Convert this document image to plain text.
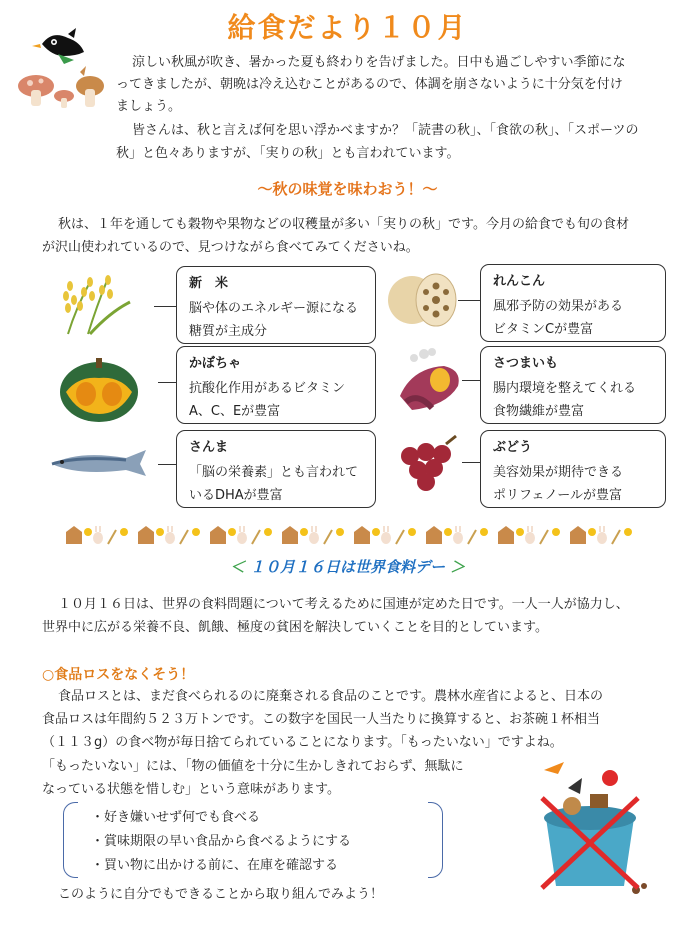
給食だより１０月
涼しい秋風が吹き、暑かった夏も終わりを告げました。日中も過ごしやすい季節にな
ってきましたが、朝晩は冷え込むことがあるので、体調を崩さないように十分気を付け
ましょう。
皆さんは、秋と言えば何を思い浮かべますか？「読書の秋」、「食欲の秋」、「スポーツの
秋」と色々ありますが、「実りの秋」とも言われています。
～秋の味覚を味わおう！～
秋は、１年を通しても穀物や果物などの収穫量が多い「実りの秋」です。今月の給食でも旬の食材
が沢山使われているので、見つけながら食べてみてくださいね。
新　米
脳や体のエネルギー源になる
糖質が主成分
かぼちゃ
抗酸化作用があるビタミン
A、C、Eが豊富
さんま
「脳の栄養素」とも言われて
いるDHAが豊富
れんこん
風邪予防の効果がある
ビタミンCが豊富
さつまいも
腸内環境を整えてくれる
食物繊維が豊富
ぶどう
美容効果が期待できる
ポリフェノールが豊富
＜ １０月１６日は世界食料デー ＞
１０月１６日は、世界の食料問題について考えるために国連が定めた日です。一人一人が協力し、
世界中に広がる栄養不良、飢餓、極度の貧困を解決していくことを目的としています。
○食品ロスをなくそう！
食品ロスとは、まだ食べられるのに廃棄される食品のことです。農林水産省によると、日本の
食品ロスは年間約５２３万トンです。この数字を国民一人当たりに換算すると、お茶碗１杯相当
（１１３g）の食べ物が毎日捨てられていることになります。「もったいない」ですよね。
「もったいない」には、「物の価値を十分に生かしきれておらず、無駄に
なっている状態を惜しむ」という意味があります。
・好き嫌いせず何でも食べる
・賞味期限の早い食品から食べるようにする
・買い物に出かける前に、在庫を確認する
このように自分でもできることから取り組んでみよう！
